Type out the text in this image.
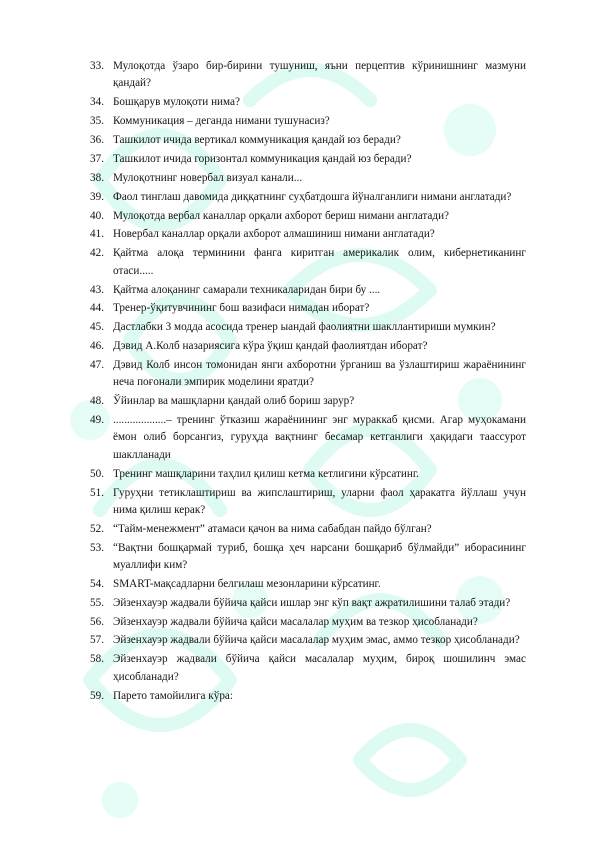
33. Мулоқотда ўзаро бир-бирини тушуниш, яъни перцептив кўринишнинг мазмуни қандай?
34. Бошқарув мулоқоти нима?
35. Коммуникация – деганда нимани тушунасиз?
36. Ташкилот ичида вертикал коммуникация қандай юз беради?
37. Ташкилот ичида горизонтал коммуникация қандай юз беради?
38. Мулоқотнинг новербал визуал канали...
39. Фаол тинглаш давомида диққатнинг суҳбатдошга йўналганлиги нимани англатади?
40. Мулоқотда вербал каналлар орқали ахборот бериш нимани англатади?
41. Новербал каналлар орқали ахборот алмашиниш нимани англатади?
42. Қайтма алоқа терминини фанга киритган америкалик олим, кибернетиканинг отаси.....
43. Қайтма алоқанинг самарали техникаларидан бири бу ....
44. Тренер-ўқитувчининг бош вазифаси нимадан иборат?
45. Дастлабки 3 модда асосида тренер ыандай фаолиятни шакллантириши мумкин?
46. Дэвид А.Колб назариясига кўра ўқиш қандай фаолиятдан иборат?
47. Дэвид Колб инсон томонидан янги ахборотни ўрганиш ва ўзлаштириш жараёнининг неча поғонали эмпирик моделини яратди?
48. Ўйинлар ва машқларни қандай олиб бориш зарур?
49. ...................– тренинг ўтказиш жараёнининг энг мураккаб қисми. Агар муҳокамани ёмон олиб борсангиз, гуруҳда вақтнинг бесамар кетганлиги ҳақидаги таассурот шаклланади
50. Тренинг машқларини таҳлил қилиш кетма кетлигини кўрсатинг.
51. Гуруҳни тетиклаштириш ва жипслаштириш, уларни фаол ҳаракатга йўллаш учун нима қилиш керак?
52. “Тайм-менежмент” атамаси қачон ва нима сабабдан пайдо бўлган?
53. “Вақтни бошқармай туриб, бошқа ҳеч нарсани бошқариб бўлмайди” иборасининг муаллифи ким?
54. SMART-мақсадларни белгилаш мезонларини кўрсатинг.
55. Эйзенхауэр жадвали бўйича қайси ишлар энг кўп вақт ажратилишини талаб этади?
56. Эйзенхауэр жадвали бўйича қайси масалалар муҳим ва тезкор ҳисобланади?
57. Эйзенхауэр жадвали бўйича қайси масалалар муҳим эмас, аммо тезкор ҳисобланади?
58. Эйзенхауэр жадвали бўйича қайси масалалар муҳим, бироқ шошилинч эмас ҳисобланади?
59. Парето тамойилига кўра:
